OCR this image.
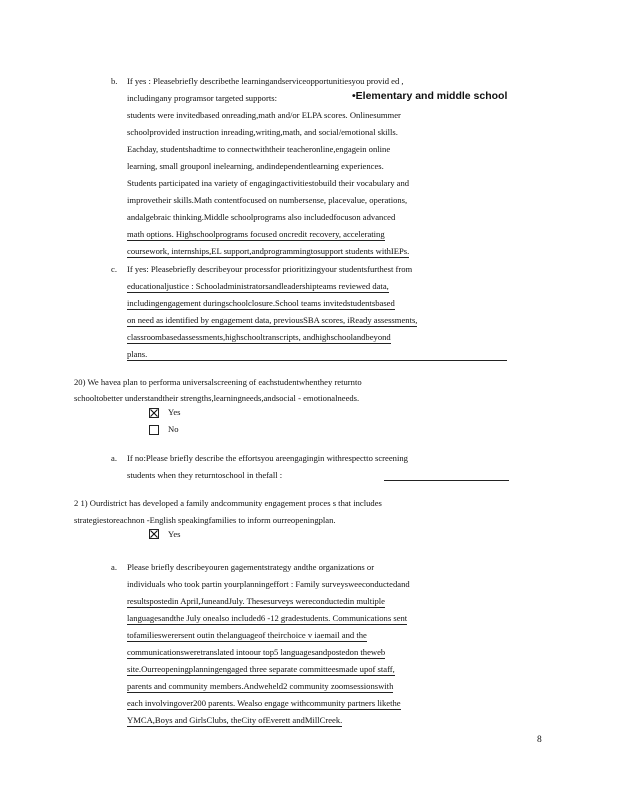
b. If yes : Pleasebriefly describethe learningandserviceopportunitiesyou provid ed ,
includingany programsor targeted supports:	•Elementary and middle school
students were invitedbased onreading,math and/or ELPA scores. Onlinesummer
schoolprovided instruction inreading,writing,math, and social/emotional skills.
Eachday, studentshadtime to connectwiththeir teacheronline,engagein online
learning, small grouponl inelearning, andindependentlearning experiences.
Students participated ina variety of engagingactivitiestobuild their vocabulary and
improvetheir skills.Math contentfocused on numbersense, placevalue, operations,
andalgebraic thinking.Middle schoolprograms also includedfocuson advanced
math options. Highschoolprograms focused oncredit recovery, accelerating
coursework, internships,EL support,andprogrammingtosupport students withIEPs.
c. If yes: Pleasebriefly describeyour processfor prioritizingyour studentsfurthest from
educationaljustice : Schooladministratorsandleadershipteams reviewed data,
includingengagement duringschoolclosure.School teams invitedstudentsbased
on need as identified by engagement data, previousSBA scores, iReady assessments,
classroombasedassessments,highschooltranscripts, andhighschoolandbeyond
plans.
20) We havea plan to performa universalscreening of eachstudentwhenthey returnto
schooltobetter understandtheir strengths,learningneeds,andsocial - emotionalneeds.
Yes
No
a. If no:Please briefly describe the effortsyou areengagingin withrespectto screening
students when they returntoschool in thefall :
2 1) Ourdistrict has developed a family andcommunity engagement proces s that includes
strategiestoreachnon -English speakingfamilies to inform ourreopeningplan.
Yes
a. Please briefly describeyouren gagementstrategy andthe organizations or
individuals who took partin yourplanningeffort : Family surveysweeconductedand
resultspostedin April,JuneandJuly. Thesesurveys wereconductedin multiple
languagesandthe July onealso included6 -12 gradestudents. Communications sent
tofamilieswerersent outin thelanguageof theirchoice v iaemail and the
communicationsweretranslated intoour top5 languagesandpostedon theweb
site.Ourreopeningplanningengaged three separate committeesmade upof staff,
parents and community members.Andweheld2 community zoomsessionswith
each involvingover200 parents. Wealso engage withcommunity partners likethe
YMCA,Boys and GirlsClubs, theCity ofEverett andMillCreek.
8
